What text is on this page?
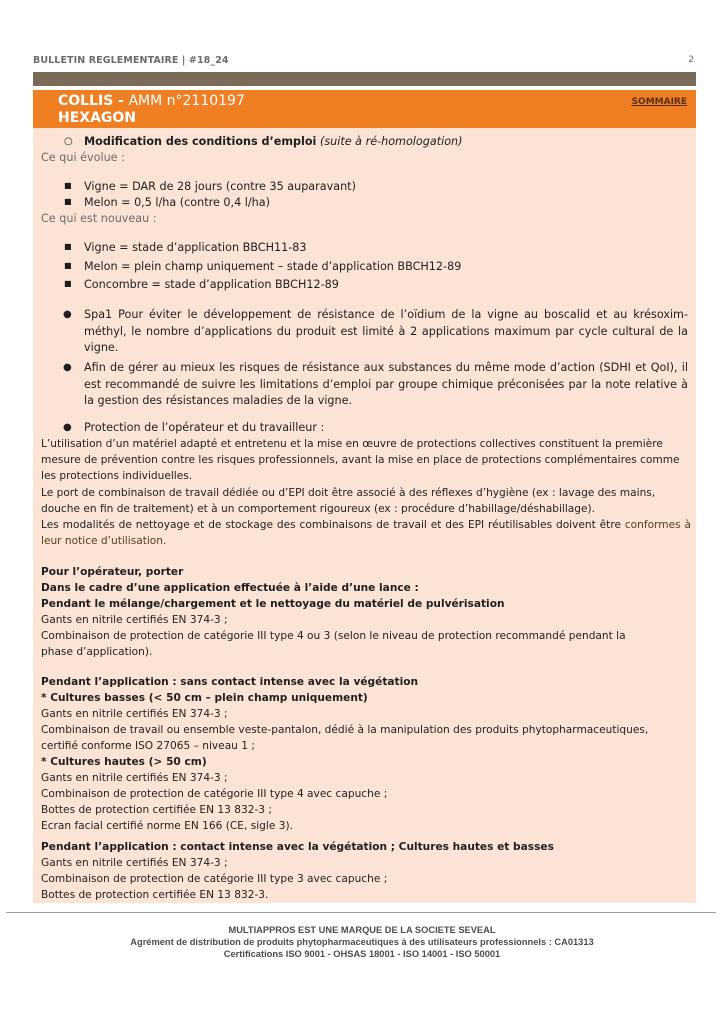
BULLETIN REGLEMENTAIRE | #18_24	2
COLLIS - AMM n°2110197
HEXAGON
SOMMAIRE
○ Modification des conditions d’emploi (suite à ré-homologation)
Ce qui évolue :
■ Vigne = DAR de 28 jours (contre 35 auparavant)
■ Melon = 0,5 l/ha (contre 0,4 l/ha)
Ce qui est nouveau :
■ Vigne = stade d’application BBCH11-83
■ Melon = plein champ uniquement – stade d’application BBCH12-89
■ Concombre = stade d’application BBCH12-89
● Spa1 Pour éviter le développement de résistance de l’oïdium de la vigne au boscalid et au krésoxim-méthyl, le nombre d’applications du produit est limité à 2 applications maximum par cycle cultural de la vigne.
● Afin de gérer au mieux les risques de résistance aux substances du même mode d’action (SDHI et QoI), il est recommandé de suivre les limitations d’emploi par groupe chimique préconisées par la note relative à la gestion des résistances maladies de la vigne.
● Protection de l’opérateur et du travailleur :
L’utilisation d’un matériel adapté et entretenu et la mise en œuvre de protections collectives constituent la première mesure de prévention contre les risques professionnels, avant la mise en place de protections complémentaires comme les protections individuelles.
Le port de combinaison de travail dédiée ou d’EPI doit être associé à des réflexes d’hygiène (ex : lavage des mains, douche en fin de traitement) et à un comportement rigoureux (ex : procédure d’habillage/déshabillage).
Les modalités de nettoyage et de stockage des combinaisons de travail et des EPI réutilisables doivent être conformes à leur notice d’utilisation.
Pour l’opérateur, porter
Dans le cadre d’une application effectuée à l’aide d’une lance :
Pendant le mélange/chargement et le nettoyage du matériel de pulvérisation
Gants en nitrile certifiés EN 374-3 ;
Combinaison de protection de catégorie III type 4 ou 3 (selon le niveau de protection recommandé pendant la
phase d’application).
Pendant l’application : sans contact intense avec la végétation
* Cultures basses (< 50 cm – plein champ uniquement)
Gants en nitrile certifiés EN 374-3 ;
Combinaison de travail ou ensemble veste-pantalon, dédié à la manipulation des produits phytopharmaceutiques,
certifié conforme ISO 27065 – niveau 1 ;
* Cultures hautes (> 50 cm)
Gants en nitrile certifiés EN 374-3 ;
Combinaison de protection de catégorie III type 4 avec capuche ;
Bottes de protection certifiée EN 13 832-3 ;
Ecran facial certifié norme EN 166 (CE, sigle 3).
Pendant l’application : contact intense avec la végétation ; Cultures hautes et basses
Gants en nitrile certifiés EN 374-3 ;
Combinaison de protection de catégorie III type 3 avec capuche ;
Bottes de protection certifiée EN 13 832-3.
MULTIAPPROS EST UNE MARQUE DE LA SOCIETE SEVEAL
Agrément de distribution de produits phytopharmaceutiques à des utilisateurs professionnels : CA01313
Certifications ISO 9001 - OHSAS 18001 - ISO 14001 - ISO 50001
